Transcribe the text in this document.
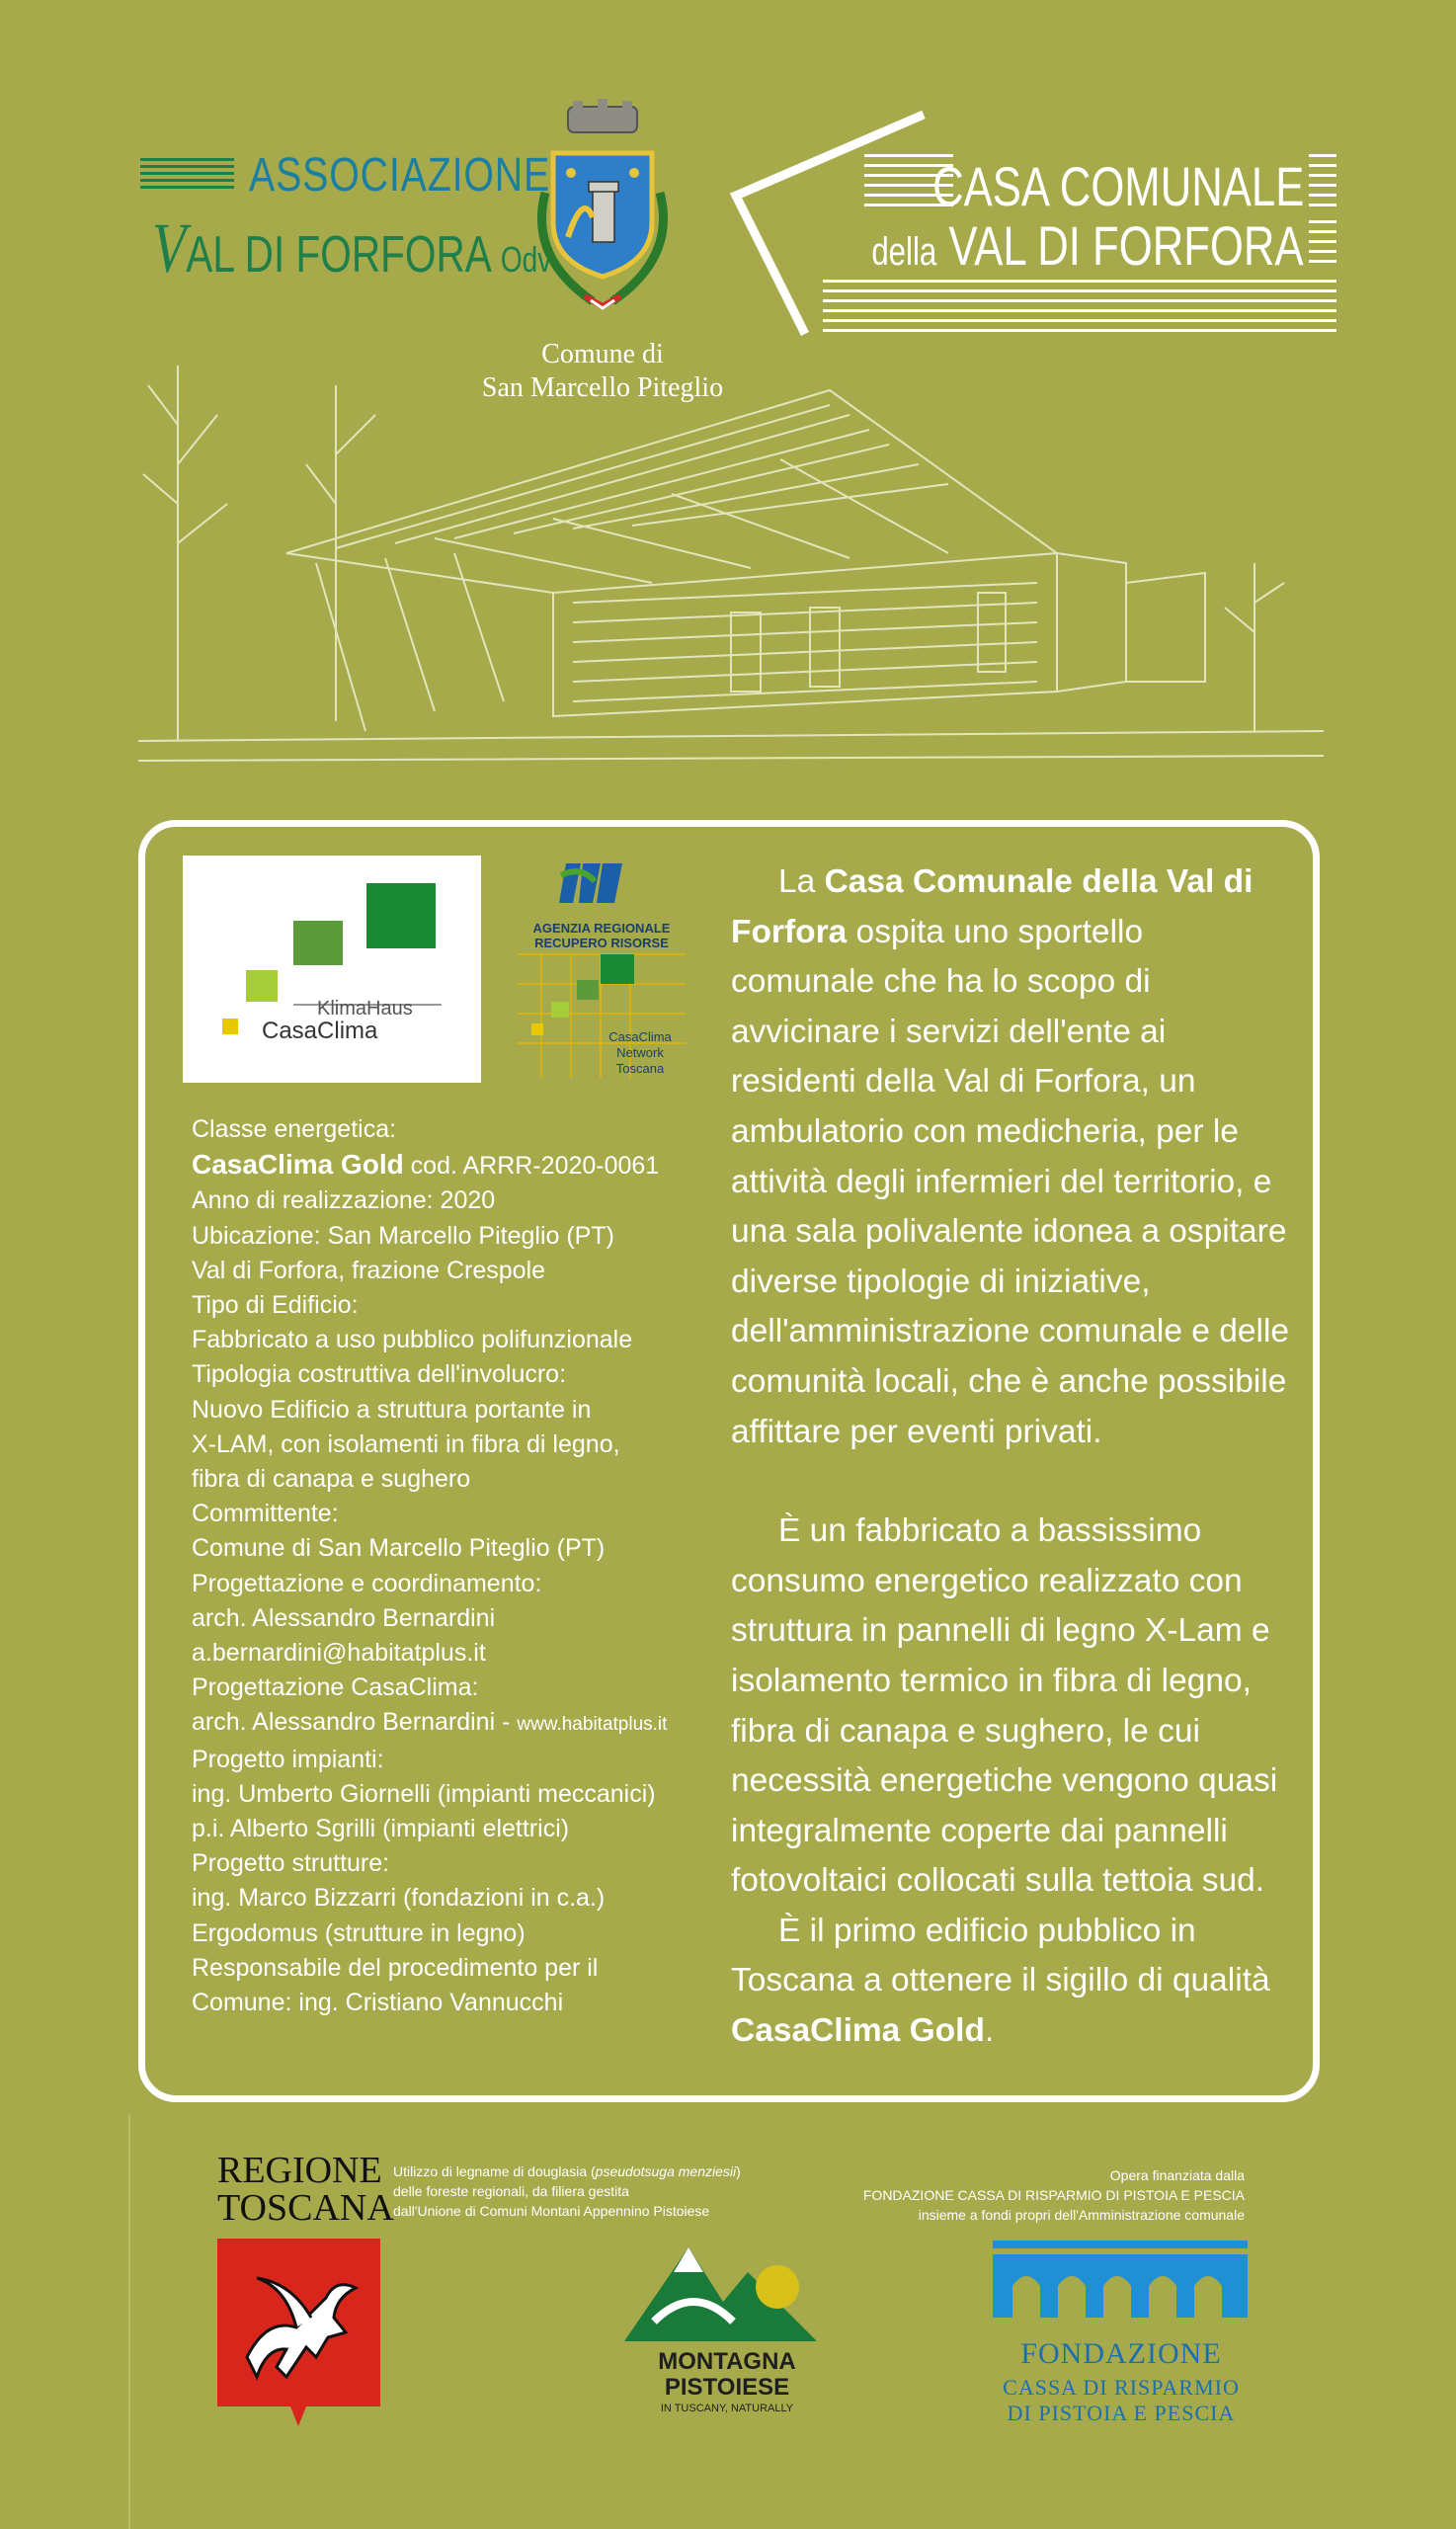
ASSOCIAZIONE
VAL DI FORFORA Odv
Comune di
San Marcello Piteglio
CASA COMUNALE
della VAL DI FORFORA
KlimaHaus
CasaClima
AGENZIA REGIONALE
RECUPERO RISORSE
CasaClima
Network
Toscana
Classe energetica:
CasaClima Gold cod. ARRR-2020-0061
Anno di realizzazione: 2020
Ubicazione: San Marcello Piteglio (PT)
Val di Forfora, frazione Crespole
Tipo di Edificio:
Fabbricato a uso pubblico polifunzionale
Tipologia costruttiva dell'involucro:
Nuovo Edificio a struttura portante in
X-LAM, con isolamenti in fibra di legno,
fibra di canapa e sughero
Committente:
Comune di San Marcello Piteglio (PT)
Progettazione e coordinamento:
arch. Alessandro Bernardini
a.bernardini@habitatplus.it
Progettazione CasaClima:
arch. Alessandro Bernardini - www.habitatplus.it
Progetto impianti:
ing. Umberto Giornelli (impianti meccanici)
p.i. Alberto Sgrilli (impianti elettrici)
Progetto strutture:
ing. Marco Bizzarri (fondazioni in c.a.)
Ergodomus (strutture in legno)
Responsabile del procedimento per il
Comune: ing. Cristiano Vannucchi

La Casa Comunale della Val di Forfora ospita uno sportello comunale che ha lo scopo di avvicinare i servizi dell'ente ai residenti della Val di Forfora, un ambulatorio con medicheria, per le attività degli infermieri del territorio, e una sala polivalente idonea a ospitare diverse tipologie di iniziative, dell'amministrazione comunale e delle comunità locali, che è anche possibile affittare per eventi privati.

È un fabbricato a bassissimo consumo energetico realizzato con struttura in pannelli di legno X-Lam e isolamento termico in fibra di legno, fibra di canapa e sughero, le cui necessità energetiche vengono quasi integralmente coperte dai pannelli fotovoltaici collocati sulla tettoia sud.

È il primo edificio pubblico in Toscana a ottenere il sigillo di qualità CasaClima Gold.

REGIONE
TOSCANA
Utilizzo di legname di douglasia (pseudotsuga menziesii)
delle foreste regionali, da filiera gestita
dall'Unione di Comuni Montani Appennino Pistoiese
MONTAGNA
PISTOIESE
IN TUSCANY, NATURALLY
Opera finanziata dalla
FONDAZIONE CASSA DI RISPARMIO DI PISTOIA E PESCIA
insieme a fondi propri dell'Amministrazione comunale
FONDAZIONE
CASSA DI RISPARMIO
DI PISTOIA E PESCIA
